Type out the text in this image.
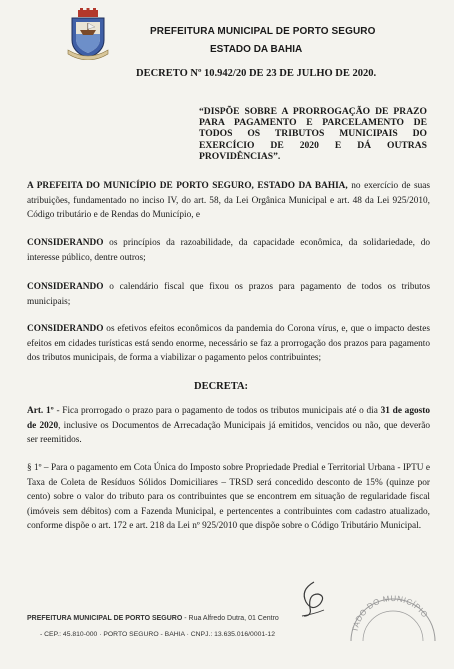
PREFEITURA MUNICIPAL DE PORTO SEGURO
ESTADO DA BAHIA
DECRETO Nº 10.942/20 DE 23 DE JULHO DE 2020.
“DISPÕE SOBRE A PRORROGAÇÃO DE PRAZO PARA PAGAMENTO E PARCELAMENTO DE TODOS OS TRIBUTOS MUNICIPAIS DO EXERCÍCIO DE 2020 E DÁ OUTRAS PROVIDÊNCIAS”.
A PREFEITA DO MUNICÍPIO DE PORTO SEGURO, ESTADO DA BAHIA, no exercício de suas atribuições, fundamentado no inciso IV, do art. 58, da Lei Orgânica Municipal e art. 48 da Lei 925/2010, Código tributário e de Rendas do Município, e
CONSIDERANDO os princípios da razoabilidade, da capacidade econômica, da solidariedade, do interesse público, dentre outros;
CONSIDERANDO o calendário fiscal que fixou os prazos para pagamento de todos os tributos municipais;
CONSIDERANDO os efetivos efeitos econômicos da pandemia do Corona vírus, e, que o impacto destes efeitos em cidades turísticas está sendo enorme, necessário se faz a prorrogação dos prazos para pagamento dos tributos municipais, de forma a viabilizar o pagamento pelos contribuintes;
DECRETA:
Art. 1º - Fica prorrogado o prazo para o pagamento de todos os tributos municipais até o dia 31 de agosto de 2020, inclusive os Documentos de Arrecadação Municipais já emitidos, vencidos ou não, que deverão ser reemitidos.
§ 1º – Para o pagamento em Cota Única do Imposto sobre Propriedade Predial e Territorial Urbana - IPTU e Taxa de Coleta de Resíduos Sólidos Domiciliares – TRSD será concedido desconto de 15% (quinze por cento) sobre o valor do tributo para os contribuintes que se encontrem em situação de regularidade fiscal (imóveis sem débitos) com a Fazenda Municipal, e pertencentes a contribuintes com cadastro atualizado, conforme dispõe o art. 172 e art. 218 da Lei nº 925/2010 que dispõe sobre o Código Tributário Municipal.
TADO DO MUNICÍPIO
PREFEITURA MUNICIPAL DE PORTO SEGURO - Rua Alfredo Dutra, 01 Centro
- CEP.: 45.810-000 · PORTO SEGURO - BAHIA · CNPJ.: 13.635.016/0001-12
